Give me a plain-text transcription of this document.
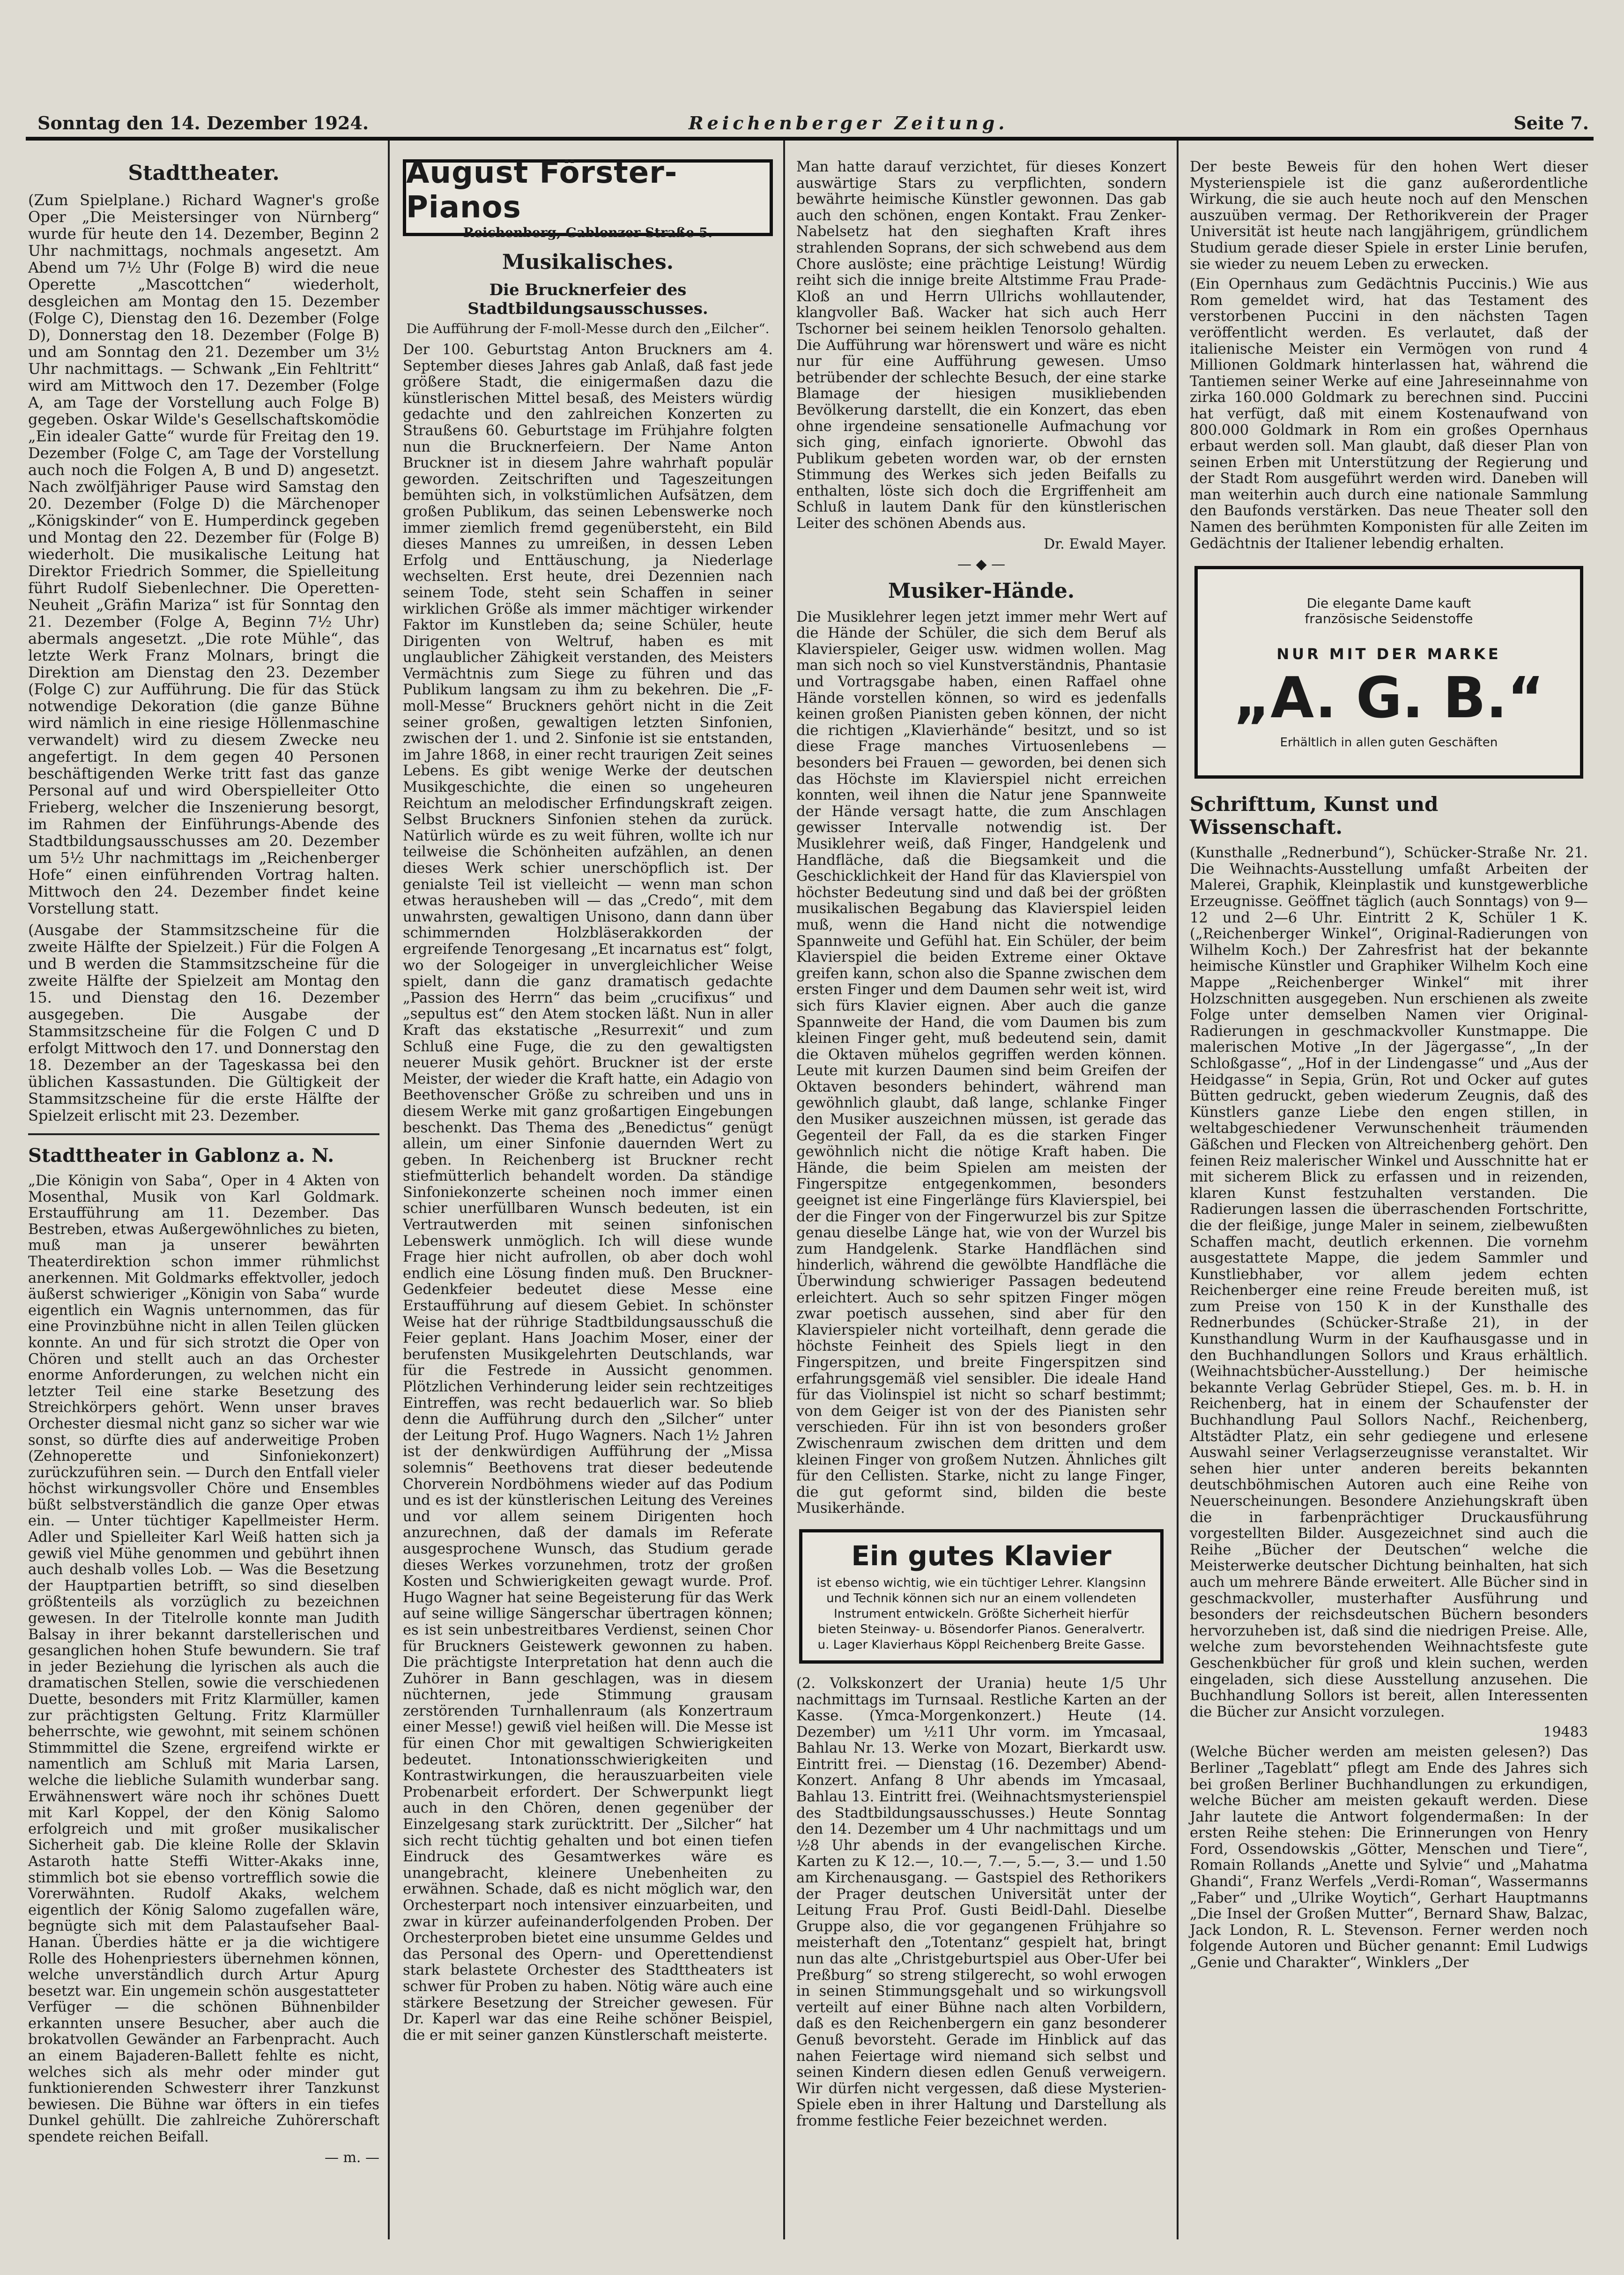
Sonntag den 14. Dezember 1924.	Reichenberger Zeitung.	Seite 7.
Stadttheater.

(Zum Spielplane.) Richard Wagner's große Oper „Die Meistersinger von Nürnberg“ wurde für heute den 14. Dezember, Beginn 2 Uhr nachmittags, nochmals angesetzt. Am Abend um 7½ Uhr (Folge B) wird die neue Operette „Mascottchen“ wiederholt, desgleichen am Montag den 15. Dezember (Folge C), Dienstag den 16. Dezember (Folge D), Donnerstag den 18. Dezember (Folge B) und am Sonntag den 21. Dezember um 3½ Uhr nachmittags. — Schwank „Ein Fehltritt“ wird am Mittwoch den 17. Dezember (Folge A, am Tage der Vorstellung auch Folge B) gegeben. Oskar Wilde's Gesellschaftskomödie „Ein idealer Gatte“ wurde für Freitag den 19. Dezember (Folge C, am Tage der Vorstellung auch noch die Folgen A, B und D) angesetzt. Nach zwölfjähriger Pause wird Samstag den 20. Dezember (Folge D) die Märchenoper „Königskinder“ von E. Humperdinck gegeben und Montag den 22. Dezember für (Folge B) wiederholt. Die musikalische Leitung hat Direktor Friedrich Sommer, die Spielleitung führt Rudolf Siebenlechner. Die Operetten-Neuheit „Gräfin Mariza“ ist für Sonntag den 21. Dezember (Folge A, Beginn 7½ Uhr) abermals angesetzt. „Die rote Mühle“, das letzte Werk Franz Molnars, bringt die Direktion am Dienstag den 23. Dezember (Folge C) zur Aufführung. Die für das Stück notwendige Dekoration (die ganze Bühne wird nämlich in eine riesige Höllenmaschine verwandelt) wird zu diesem Zwecke neu angefertigt. In dem gegen 40 Personen beschäftigenden Werke tritt fast das ganze Personal auf und wird Oberspielleiter Otto Frieberg, welcher die Inszenierung besorgt, im Rahmen der Einführungs-Abende des Stadtbildungsausschusses am 20. Dezember um 5½ Uhr nachmittags im „Reichenberger Hofe“ einen einführenden Vortrag halten. Mittwoch den 24. Dezember findet keine Vorstellung statt.

(Ausgabe der Stammsitzscheine für die zweite Hälfte der Spielzeit.) Für die Folgen A und B werden die Stammsitzscheine für die zweite Hälfte der Spielzeit am Montag den 15. und Dienstag den 16. Dezember ausgegeben. Die Ausgabe der Stammsitzscheine für die Folgen C und D erfolgt Mittwoch den 17. und Donnerstag den 18. Dezember an der Tageskassa bei den üblichen Kassastunden. Die Gültigkeit der Stammsitzscheine für die erste Hälfte der Spielzeit erlischt mit 23. Dezember.

Stadttheater in Gablonz a. N.

„Die Königin von Saba“, Oper in 4 Akten von Mosenthal, Musik von Karl Goldmark. Erstaufführung am 11. Dezember. Das Bestreben, etwas Außergewöhnliches zu bieten, muß man ja unserer bewährten Theaterdirektion schon immer rühmlichst anerkennen. Mit Goldmarks effektvoller, jedoch äußerst schwieriger „Königin von Saba“ wurde eigentlich ein Wagnis unternommen, das für eine Provinzbühne nicht in allen Teilen glücken konnte. An und für sich strotzt die Oper von Chören und stellt auch an das Orchester enorme Anforderungen, zu welchen nicht ein letzter Teil eine starke Besetzung des Streichkörpers gehört. Wenn unser braves Orchester diesmal nicht ganz so sicher war wie sonst, so dürfte dies auf anderweitige Proben (Zehnoperette und Sinfoniekonzert) zurückzuführen sein. — Durch den Entfall vieler höchst wirkungsvoller Chöre und Ensembles büßt selbstverständlich die ganze Oper etwas ein. — Unter tüchtiger Kapellmeister Herm. Adler und Spielleiter Karl Weiß hatten sich ja gewiß viel Mühe genommen und gebührt ihnen auch deshalb volles Lob. — Was die Besetzung der Hauptpartien betrifft, so sind dieselben größtenteils als vorzüglich zu bezeichnen gewesen. In der Titelrolle konnte man Judith Balsay in ihrer bekannt darstellerischen und gesanglichen hohen Stufe bewundern. Sie traf in jeder Beziehung die lyrischen als auch die dramatischen Stellen, sowie die verschiedenen Duette, besonders mit Fritz Klarmüller, kamen zur prächtigsten Geltung. Fritz Klarmüller beherrschte, wie gewohnt, mit seinem schönen Stimmmittel die Szene, ergreifend wirkte er namentlich am Schluß mit Maria Larsen, welche die liebliche Sulamith wunderbar sang. Erwähnenswert wäre noch ihr schönes Duett mit Karl Koppel, der den König Salomo erfolgreich und mit großer musikalischer Sicherheit gab. Die kleine Rolle der Sklavin Astaroth hatte Steffi Witter-Akaks inne, stimmlich bot sie ebenso vortrefflich sowie die Vorerwähnten. Rudolf Akaks, welchem eigentlich der König Salomo zugefallen wäre, begnügte sich mit dem Palastaufseher Baal-Hanan. Überdies hätte er ja die wichtigere Rolle des Hohenpriesters übernehmen können, welche unverständlich durch Artur Apurg besetzt war. Ein ungemein schön ausgestatteter Verfüger — die schönen Bühnenbilder erkannten unsere Besucher, aber auch die brokatvollen Gewänder an Farbenpracht. Auch an einem Bajaderen-Ballett fehlte es nicht, welches sich als mehr oder minder gut funktionierenden Schwesterr ihrer Tanzkunst bewiesen. Die Bühne war öfters in ein tiefes Dunkel gehüllt. Die zahlreiche Zuhörerschaft spendete reichen Beifall.

— m. —
August Förster-Pianos
Reichenberg, Gablonzer Straße 5.
Musikalisches.
Die Brucknerfeier des Stadtbildungsausschusses.
Die Aufführung der F-moll-Messe durch den „Eilcher“.

Der 100. Geburtstag Anton Bruckners am 4. September dieses Jahres gab Anlaß, daß fast jede größere Stadt, die einigermaßen dazu die künstlerischen Mittel besaß, des Meisters würdig gedachte und den zahlreichen Konzerten zu Straußens 60. Geburtstage im Frühjahre folgten nun die Brucknerfeiern. Der Name Anton Bruckner ist in diesem Jahre wahrhaft populär geworden. Zeitschriften und Tageszeitungen bemühten sich, in volkstümlichen Aufsätzen, dem großen Publikum, das seinen Lebenswerke noch immer ziemlich fremd gegenübersteht, ein Bild dieses Mannes zu umreißen, in dessen Leben Erfolg und Enttäuschung, ja Niederlage wechselten. Erst heute, drei Dezennien nach seinem Tode, steht sein Schaffen in seiner wirklichen Größe als immer mächtiger wirkender Faktor im Kunstleben da; seine Schüler, heute Dirigenten von Weltruf, haben es mit unglaublicher Zähigkeit verstanden, des Meisters Vermächtnis zum Siege zu führen und das Publikum langsam zu ihm zu bekehren. Die „F-moll-Messe“ Bruckners gehört nicht in die Zeit seiner großen, gewaltigen letzten Sinfonien, zwischen der 1. und 2. Sinfonie ist sie entstanden, im Jahre 1868, in einer recht traurigen Zeit seines Lebens. Es gibt wenige Werke der deutschen Musikgeschichte, die einen so ungeheuren Reichtum an melodischer Erfindungskraft zeigen. Selbst Bruckners Sinfonien stehen da zurück. Natürlich würde es zu weit führen, wollte ich nur teilweise die Schönheiten aufzählen, an denen dieses Werk schier unerschöpflich ist. Der genialste Teil ist vielleicht — wenn man schon etwas herausheben will — das „Credo“, mit dem unwahrsten, gewaltigen Unisono, dann dann über schimmernden Holzbläserakkorden der ergreifende Tenorgesang „Et incarnatus est“ folgt, wo der Sologeiger in unvergleichlicher Weise spielt, dann die ganz dramatisch gedachte „Passion des Herrn“ das beim „crucifixus“ und „sepultus est“ den Atem stocken läßt. Nun in aller Kraft das ekstatische „Resurrexit“ und zum Schluß eine Fuge, die zu den gewaltigsten neuerer Musik gehört. Bruckner ist der erste Meister, der wieder die Kraft hatte, ein Adagio von Beethovenscher Größe zu schreiben und uns in diesem Werke mit ganz großartigen Eingebungen beschenkt. Das Thema des „Benedictus“ genügt allein, um einer Sinfonie dauernden Wert zu geben. In Reichenberg ist Bruckner recht stiefmütterlich behandelt worden. Da ständige Sinfoniekonzerte scheinen noch immer einen schier unerfüllbaren Wunsch bedeuten, ist ein Vertrautwerden mit seinen sinfonischen Lebenswerk unmöglich. Ich will diese wunde Frage hier nicht aufrollen, ob aber doch wohl endlich eine Lösung finden muß. Den Bruckner-Gedenkfeier bedeutet diese Messe eine Erstaufführung auf diesem Gebiet. In schönster Weise hat der rührige Stadtbildungsausschuß die Feier geplant. Hans Joachim Moser, einer der berufensten Musikgelehrten Deutschlands, war für die Festrede in Aussicht genommen. Plötzlichen Verhinderung leider sein rechtzeitiges Eintreffen, was recht bedauerlich war. So blieb denn die Aufführung durch den „Silcher“ unter der Leitung Prof. Hugo Wagners. Nach 1½ Jahren ist der denkwürdigen Aufführung der „Missa solemnis“ Beethovens trat dieser bedeutende Chorverein Nordböhmens wieder auf das Podium und es ist der künstlerischen Leitung des Vereines und vor allem seinem Dirigenten hoch anzurechnen, daß der damals im Referate ausgesprochene Wunsch, das Studium gerade dieses Werkes vorzunehmen, trotz der großen Kosten und Schwierigkeiten gewagt wurde. Prof. Hugo Wagner hat seine Begeisterung für das Werk auf seine willige Sängerschar übertragen können; es ist sein unbestreitbares Verdienst, seinen Chor für Bruckners Geistewerk gewonnen zu haben. Die prächtigste Interpretation hat denn auch die Zuhörer in Bann geschlagen, was in diesem nüchternen, jede Stimmung grausam zerstörenden Turnhallenraum (als Konzertraum einer Messe!) gewiß viel heißen will. Die Messe ist für einen Chor mit gewaltigen Schwierigkeiten bedeutet. Intonationsschwierigkeiten und Kontrastwirkungen, die herauszuarbeiten viele Probenarbeit erfordert. Der Schwerpunkt liegt auch in den Chören, denen gegenüber der Einzelgesang stark zurücktritt. Der „Silcher“ hat sich recht tüchtig gehalten und bot einen tiefen Eindruck des Gesamtwerkes wäre es unangebracht, kleinere Unebenheiten zu erwähnen. Schade, daß es nicht möglich war, den Orchesterpart noch intensiver einzuarbeiten, und zwar in kürzer aufeinanderfolgenden Proben. Der Orchesterproben bietet eine unsumme Geldes und das Personal des Opern- und Operettendienst stark belastete Orchester des Stadttheaters ist schwer für Proben zu haben. Nötig wäre auch eine stärkere Besetzung der Streicher gewesen. Für Dr. Kaperl war das eine Reihe schöner Beispiel, die er mit seiner ganzen Künstlerschaft meisterte.

Man hatte darauf verzichtet, für dieses Konzert auswärtige Stars zu verpflichten, sondern bewährte heimische Künstler gewonnen. Das gab auch den schönen, engen Kontakt. Frau Zenker-Nabelsetz hat den sieghaften Kraft ihres strahlenden Soprans, der sich schwebend aus dem Chore auslöste; eine prächtige Leistung! Würdig reiht sich die innige breite Altstimme Frau Prade-Kloß an und Herrn Ullrichs wohllautender, klangvoller Baß. Wacker hat sich auch Herr Tschorner bei seinem heiklen Tenorsolo gehalten. Die Aufführung war hörenswert und wäre es nicht nur für eine Aufführung gewesen. Umso betrübender der schlechte Besuch, der eine starke Blamage der hiesigen musikliebenden Bevölkerung darstellt, die ein Konzert, das eben ohne irgendeine sensationelle Aufmachung vor sich ging, einfach ignorierte. Obwohl das Publikum gebeten worden war, ob der ernsten Stimmung des Werkes sich jeden Beifalls zu enthalten, löste sich doch die Ergriffenheit am Schluß in lautem Dank für den künstlerischen Leiter des schönen Abends aus.

Dr. Ewald Mayer.
— ◆ —
Musiker-Hände.

Die Musiklehrer legen jetzt immer mehr Wert auf die Hände der Schüler, die sich dem Beruf als Klavierspieler, Geiger usw. widmen wollen. Mag man sich noch so viel Kunstverständnis, Phantasie und Vortragsgabe haben, einen Raffael ohne Hände vorstellen können, so wird es jedenfalls keinen großen Pianisten geben können, der nicht die richtigen „Klavierhände“ besitzt, und so ist diese Frage manches Virtuosenlebens — besonders bei Frauen — geworden, bei denen sich das Höchste im Klavierspiel nicht erreichen konnten, weil ihnen die Natur jene Spannweite der Hände versagt hatte, die zum Anschlagen gewisser Intervalle notwendig ist. Der Musiklehrer weiß, daß Finger, Handgelenk und Handfläche, daß die Biegsamkeit und die Geschicklichkeit der Hand für das Klavierspiel von höchster Bedeutung sind und daß bei der größten musikalischen Begabung das Klavierspiel leiden muß, wenn die Hand nicht die notwendige Spannweite und Gefühl hat. Ein Schüler, der beim Klavierspiel die beiden Extreme einer Oktave greifen kann, schon also die Spanne zwischen dem ersten Finger und dem Daumen sehr weit ist, wird sich fürs Klavier eignen. Aber auch die ganze Spannweite der Hand, die vom Daumen bis zum kleinen Finger geht, muß bedeutend sein, damit die Oktaven mühelos gegriffen werden können. Leute mit kurzen Daumen sind beim Greifen der Oktaven besonders behindert, während man gewöhnlich glaubt, daß lange, schlanke Finger den Musiker auszeichnen müssen, ist gerade das Gegenteil der Fall, da es die starken Finger gewöhnlich nicht die nötige Kraft haben. Die Hände, die beim Spielen am meisten der Fingerspitze entgegenkommen, besonders geeignet ist eine Fingerlänge fürs Klavierspiel, bei der die Finger von der Fingerwurzel bis zur Spitze genau dieselbe Länge hat, wie von der Wurzel bis zum Handgelenk. Starke Handflächen sind hinderlich, während die gewölbte Handfläche die Überwindung schwieriger Passagen bedeutend erleichtert. Auch so sehr spitzen Finger mögen zwar poetisch aussehen, sind aber für den Klavierspieler nicht vorteilhaft, denn gerade die höchste Feinheit des Spiels liegt in den Fingerspitzen, und breite Fingerspitzen sind erfahrungsgemäß viel sensibler. Die ideale Hand für das Violinspiel ist nicht so scharf bestimmt; von dem Geiger ist von der des Pianisten sehr verschieden. Für ihn ist von besonders großer Zwischenraum zwischen dem dritten und dem kleinen Finger von großem Nutzen. Ähnliches gilt für den Cellisten. Starke, nicht zu lange Finger, die gut geformt sind, bilden die beste Musikerhände.

Ein gutes Klavier
ist ebenso wichtig, wie ein tüchtiger Lehrer. Klangsinn und Technik können sich nur an einem vollendeten Instrument entwickeln. Größte Sicherheit hierfür bieten Steinway- u. Bösendorfer Pianos. Generalvertr. u. Lager Klavierhaus Köppl Reichenberg Breite Gasse.

(2. Volkskonzert der Urania) heute 1/5 Uhr nachmittags im Turnsaal. Restliche Karten an der Kasse. (Ymca-Morgenkonzert.) Heute (14. Dezember) um ½11 Uhr vorm. im Ymcasaal, Bahlau Nr. 13. Werke von Mozart, Bierkardt usw. Eintritt frei. — Dienstag (16. Dezember) Abend-Konzert. Anfang 8 Uhr abends im Ymcasaal, Bahlau 13. Eintritt frei. (Weihnachtsmysterienspiel des Stadtbildungsausschusses.) Heute Sonntag den 14. Dezember um 4 Uhr nachmittags und um ½8 Uhr abends in der evangelischen Kirche. Karten zu K 12.—, 10.—, 7.—, 5.—, 3.— und 1.50 am Kirchenausgang. — Gastspiel des Rethorikers der Prager deutschen Universität unter der Leitung Frau Prof. Gusti Beidl-Dahl. Dieselbe Gruppe also, die vor gegangenen Frühjahre so meisterhaft den „Totentanz“ gespielt hat, bringt nun das alte „Christgeburtspiel aus Ober-Ufer bei Preßburg“ so streng stilgerecht, so wohl erwogen in seinen Stimmungsgehalt und so wirkungsvoll verteilt auf einer Bühne nach alten Vorbildern, daß es den Reichenbergern ein ganz besonderer Genuß bevorsteht. Gerade im Hinblick auf das nahen Feiertage wird niemand sich selbst und seinen Kindern diesen edlen Genuß verweigern. Wir dürfen nicht vergessen, daß diese Mysterien-Spiele eben in ihrer Haltung und Darstellung als fromme festliche Feier bezeichnet werden.

Der beste Beweis für den hohen Wert dieser Mysterienspiele ist die ganz außerordentliche Wirkung, die sie auch heute noch auf den Menschen auszuüben vermag. Der Rethorikverein der Prager Universität ist heute nach langjährigem, gründlichem Studium gerade dieser Spiele in erster Linie berufen, sie wieder zu neuem Leben zu erwecken.

(Ein Opernhaus zum Gedächtnis Puccinis.) Wie aus Rom gemeldet wird, hat das Testament des verstorbenen Puccini in den nächsten Tagen veröffentlicht werden. Es verlautet, daß der italienische Meister ein Vermögen von rund 4 Millionen Goldmark hinterlassen hat, während die Tantiemen seiner Werke auf eine Jahreseinnahme von zirka 160.000 Goldmark zu berechnen sind. Puccini hat verfügt, daß mit einem Kostenaufwand von 800.000 Goldmark in Rom ein großes Opernhaus erbaut werden soll. Man glaubt, daß dieser Plan von seinen Erben mit Unterstützung der Regierung und der Stadt Rom ausgeführt werden wird. Daneben will man weiterhin auch durch eine nationale Sammlung den Baufonds verstärken. Das neue Theater soll den Namen des berühmten Komponisten für alle Zeiten im Gedächtnis der Italiener lebendig erhalten.

Die elegante Dame kauft französische Seidenstoffe
NUR MIT DER MARKE
„A. G. B.“
Erhältlich in allen guten Geschäften
Schrifttum, Kunst und Wissenschaft.

(Kunsthalle „Rednerbund“), Schücker-Straße Nr. 21. Die Weihnachts-Ausstellung umfaßt Arbeiten der Malerei, Graphik, Kleinplastik und kunstgewerbliche Erzeugnisse. Geöffnet täglich (auch Sonntags) von 9—12 und 2—6 Uhr. Eintritt 2 K, Schüler 1 K. („Reichenberger Winkel“, Original-Radierungen von Wilhelm Koch.) Der Zahresfrist hat der bekannte heimische Künstler und Graphiker Wilhelm Koch eine Mappe „Reichenberger Winkel“ mit ihrer Holzschnitten ausgegeben. Nun erschienen als zweite Folge unter demselben Namen vier Original-Radierungen in geschmackvoller Kunstmappe. Die malerischen Motive „In der Jägergasse“, „In der Schloßgasse“, „Hof in der Lindengasse“ und „Aus der Heidgasse“ in Sepia, Grün, Rot und Ocker auf gutes Bütten gedruckt, geben wiederum Zeugnis, daß des Künstlers ganze Liebe den engen stillen, in weltabgeschiedener Verwunschenheit träumenden Gäßchen und Flecken von Altreichenberg gehört. Den feinen Reiz malerischer Winkel und Ausschnitte hat er mit sicherem Blick zu erfassen und in reizenden, klaren Kunst festzuhalten verstanden. Die Radierungen lassen die überraschenden Fortschritte, die der fleißige, junge Maler in seinem, zielbewußten Schaffen macht, deutlich erkennen. Die vornehm ausgestattete Mappe, die jedem Sammler und Kunstliebhaber, vor allem jedem echten Reichenberger eine reine Freude bereiten muß, ist zum Preise von 150 K in der Kunsthalle des Rednerbundes (Schücker-Straße 21), in der Kunsthandlung Wurm in der Kaufhausgasse und in den Buchhandlungen Sollors und Kraus erhältlich. (Weihnachtsbücher-Ausstellung.) Der heimische bekannte Verlag Gebrüder Stiepel, Ges. m. b. H. in Reichenberg, hat in einem der Schaufenster der Buchhandlung Paul Sollors Nachf., Reichenberg, Altstädter Platz, ein sehr gediegene und erlesene Auswahl seiner Verlagserzeugnisse veranstaltet. Wir sehen hier unter anderen bereits bekannten deutschböhmischen Autoren auch eine Reihe von Neuerscheinungen. Besondere Anziehungskraft üben die in farbenprächtiger Druckausführung vorgestellten Bilder. Ausgezeichnet sind auch die Reihe „Bücher der Deutschen“ welche die Meisterwerke deutscher Dichtung beinhalten, hat sich auch um mehrere Bände erweitert. Alle Bücher sind in geschmackvoller, musterhafter Ausführung und besonders der reichsdeutschen Büchern besonders hervorzuheben ist, daß sind die niedrigen Preise. Alle, welche zum bevorstehenden Weihnachtsfeste gute Geschenkbücher für groß und klein suchen, werden eingeladen, sich diese Ausstellung anzusehen. Die Buchhandlung Sollors ist bereit, allen Interessenten die Bücher zur Ansicht vorzulegen.

19483

(Welche Bücher werden am meisten gelesen?) Das Berliner „Tageblatt“ pflegt am Ende des Jahres sich bei großen Berliner Buchhandlungen zu erkundigen, welche Bücher am meisten gekauft werden. Diese Jahr lautete die Antwort folgendermaßen: In der ersten Reihe stehen: Die Erinnerungen von Henry Ford, Ossendowskis „Götter, Menschen und Tiere“, Romain Rollands „Anette und Sylvie“ und „Mahatma Ghandi“, Franz Werfels „Verdi-Roman“, Wassermanns „Faber“ und „Ulrike Woytich“, Gerhart Hauptmanns „Die Insel der Großen Mutter“, Bernard Shaw, Balzac, Jack London, R. L. Stevenson. Ferner werden noch folgende Autoren und Bücher genannt: Emil Ludwigs „Genie und Charakter“, Winklers „Der
